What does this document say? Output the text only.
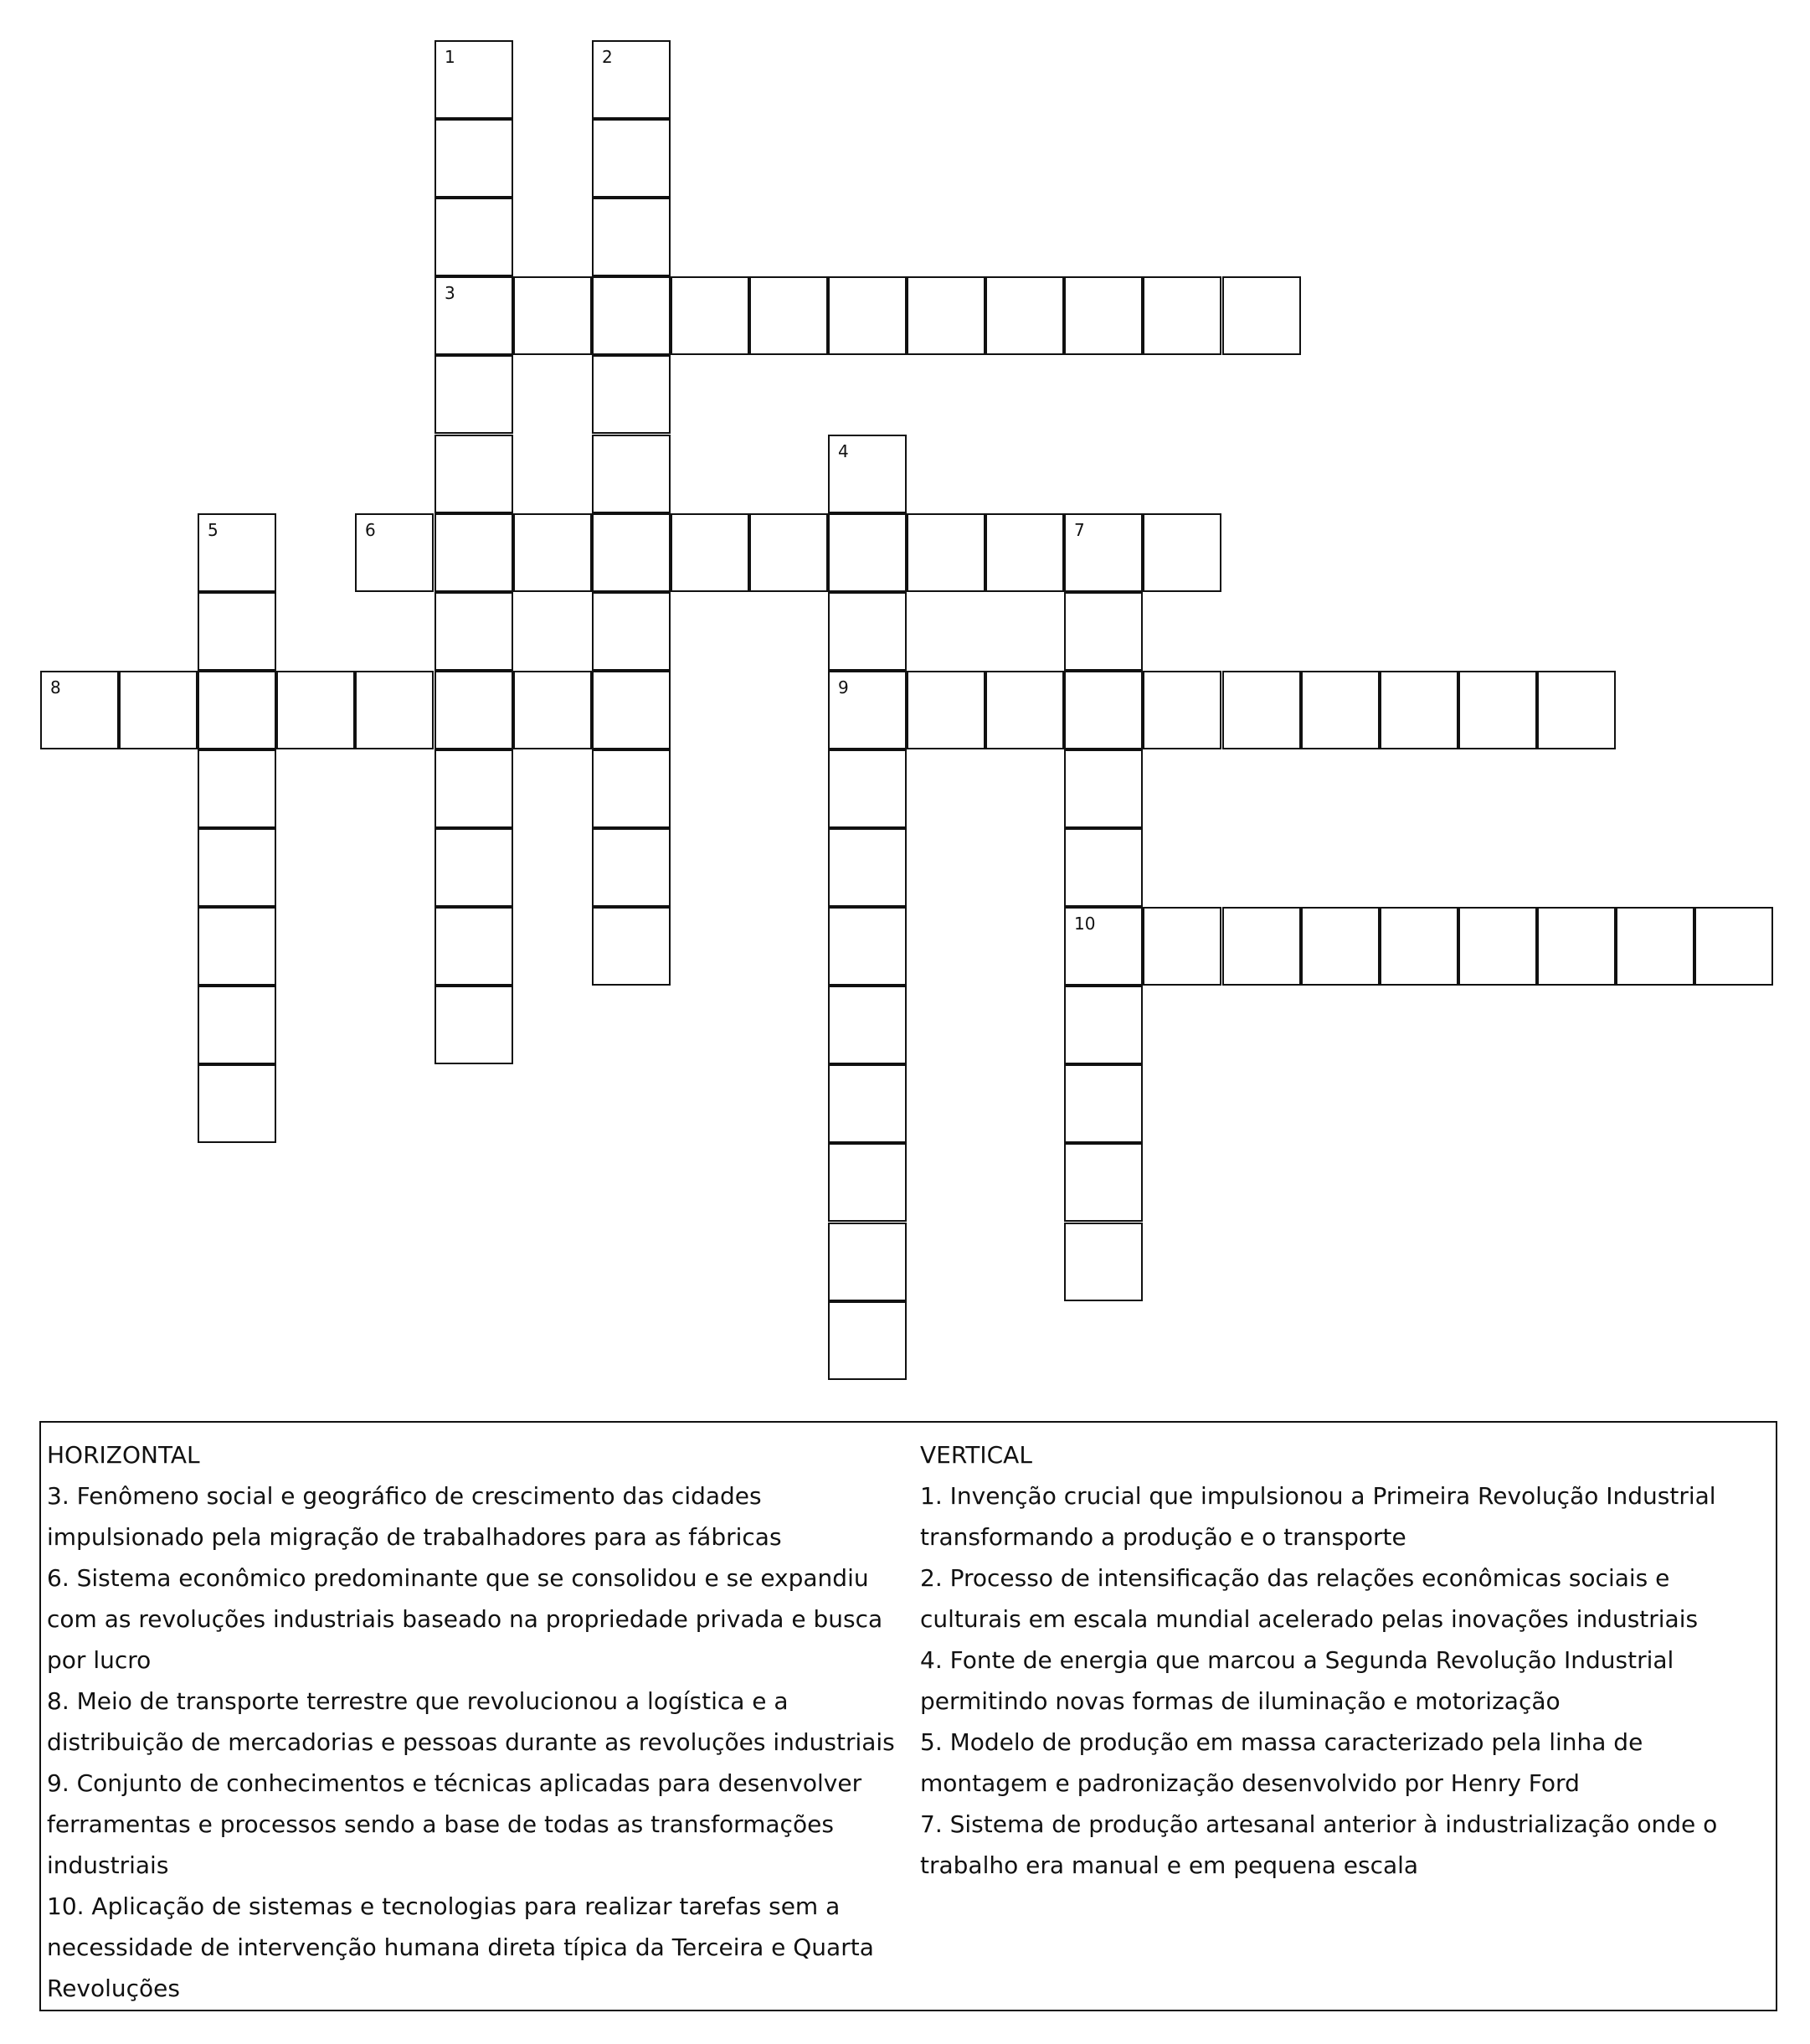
1
3
2
4
9
5	6	7
10
8
HORIZONTAL
3. Fenômeno social e geográfico de crescimento das cidades impulsionado pela migração de trabalhadores para as fábricas
6. Sistema econômico predominante que se consolidou e se expandiu com as revoluções industriais baseado na propriedade privada e busca por lucro
8. Meio de transporte terrestre que revolucionou a logística e a distribuição de mercadorias e pessoas durante as revoluções industriais
9. Conjunto de conhecimentos e técnicas aplicadas para desenvolver ferramentas e processos sendo a base de todas as transformações industriais
10. Aplicação de sistemas e tecnologias para realizar tarefas sem a necessidade de intervenção humana direta típica da Terceira e Quarta Revoluções
VERTICAL
1. Invenção crucial que impulsionou a Primeira Revolução Industrial transformando a produção e o transporte
2. Processo de intensificação das relações econômicas sociais e culturais em escala mundial acelerado pelas inovações industriais
4. Fonte de energia que marcou a Segunda Revolução Industrial permitindo novas formas de iluminação e motorização
5. Modelo de produção em massa caracterizado pela linha de montagem e padronização desenvolvido por Henry Ford
7. Sistema de produção artesanal anterior à industrialização onde o trabalho era manual e em pequena escala
